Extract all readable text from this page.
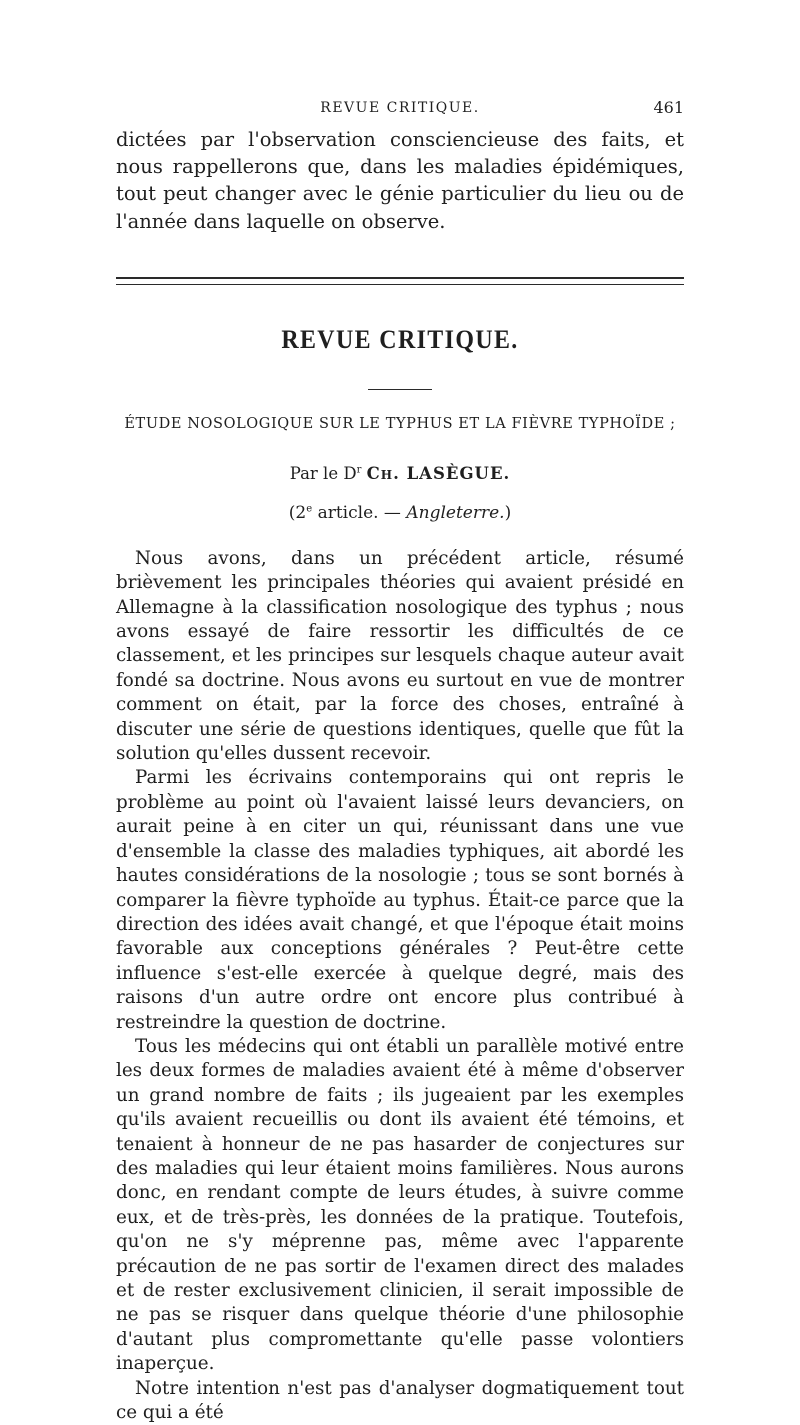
REVUE CRITIQUE.	461

dictées par l'observation consciencieuse des faits, et nous rappellerons que, dans les maladies épidémiques, tout peut changer avec le génie particulier du lieu ou de l'année dans laquelle on observe.

REVUE CRITIQUE.
ÉTUDE NOSOLOGIQUE SUR LE TYPHUS ET LA FIÈVRE TYPHOÏDE ;
Par le $D^r$ Ch. LASÈGUE.
(2e article. — Angleterre.)

Nous avons, dans un précédent article, résumé brièvement les principales théories qui avaient présidé en Allemagne à la classification nosologique des typhus ; nous avons essayé de faire ressortir les difficultés de ce classement, et les principes sur lesquels chaque auteur avait fondé sa doctrine. Nous avons eu surtout en vue de montrer comment on était, par la force des choses, entraîné à discuter une série de questions identiques, quelle que fût la solution qu'elles dussent recevoir.

Parmi les écrivains contemporains qui ont repris le problème au point où l'avaient laissé leurs devanciers, on aurait peine à en citer un qui, réunissant dans une vue d'ensemble la classe des maladies typhiques, ait abordé les hautes considérations de la nosologie ; tous se sont bornés à comparer la fièvre typhoïde au typhus. Était-ce parce que la direction des idées avait changé, et que l'époque était moins favorable aux conceptions générales ? Peut-être cette influence s'est-elle exercée à quelque degré, mais des raisons d'un autre ordre ont encore plus contribué à restreindre la question de doctrine.

Tous les médecins qui ont établi un parallèle motivé entre les deux formes de maladies avaient été à même d'observer un grand nombre de faits ; ils jugeaient par les exemples qu'ils avaient recueillis ou dont ils avaient été témoins, et tenaient à honneur de ne pas hasarder de conjectures sur des maladies qui leur étaient moins familières. Nous aurons donc, en rendant compte de leurs études, à suivre comme eux, et de très-près, les données de la pratique. Toutefois, qu'on ne s'y méprenne pas, même avec l'apparente précaution de ne pas sortir de l'examen direct des malades et de rester exclusivement clinicien, il serait impossible de ne pas se risquer dans quelque théorie d'une philosophie d'autant plus compromettante qu'elle passe volontiers inaperçue.

Notre intention n'est pas d'analyser dogmatiquement tout ce qui a été
